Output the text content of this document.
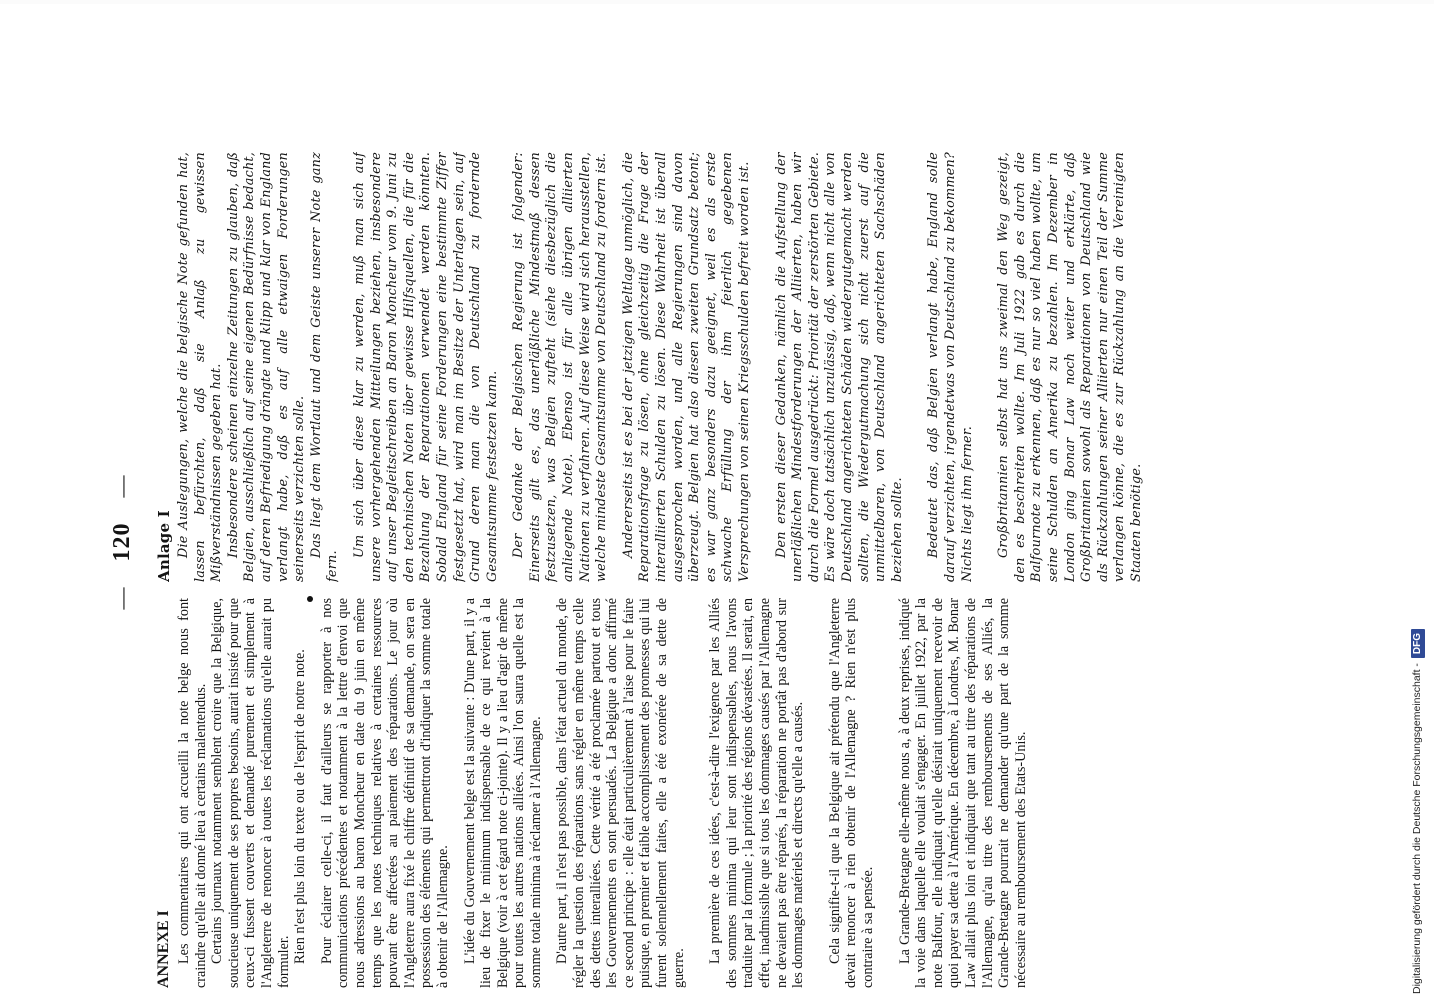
— 120 —
ANNEXE I Les commentaires qui ont accueilli la note belge nous font craindre qu'elle ait donné lieu à certains malentendus. Certains journaux notamment semblent croire que la Belgique, soucieuse uniquement de ses propres besoins, aurait insisté pour que ceux-ci fussent couverts et demandé purement et simplement à l'Angleterre de renoncer à toutes les réclamations qu'elle aurait pu formuler. Rien n'est plus loin du texte ou de l'esprit de notre note. Pour éclairer celle-ci, il faut d'ailleurs se rapporter à nos communications précédentes et notamment à la lettre d'envoi que nous adressions au baron Moncheur en date du 9 juin en même temps que les notes techniques relatives à certaines ressources pouvant être affectées au paiement des réparations. Le jour où l'Angleterre aura fixé le chiffre définitif de sa demande, on sera en possession des éléments qui permettront d'indiquer la somme totale à obtenir de l'Allemagne. L'idée du Gouvernement belge est la suivante : D'une part, il y a lieu de fixer le minimum indispensable de ce qui revient à la Belgique (voir à cet égard note ci-jointe). Il y a lieu d'agir de même pour toutes les autres nations alliées. Ainsi l'on saura quelle est la somme totale minima à réclamer à l'Allemagne. D'autre part, il n'est pas possible, dans l'état actuel du monde, de régler la question des réparations sans régler en même temps celle des dettes interalliées. Cette vérité a été proclamée partout et tous les Gouvernements en sont persuadés. La Belgique a donc affirmé ce second principe : elle était particulièrement à l'aise pour le faire puisque, en premier et faible accomplissement des promesses qui lui furent solennellement faites, elle a été exonérée de sa dette de guerre.

La première de ces idées, c'est-à-dire l'exigence par les Alliés des sommes minima qui leur sont indispensables, nous l'avons traduite par la formule ; la priorité des régions dévastées. Il serait, en effet, inadmissible que si tous les dommages causés par l'Allemagne ne devaient pas être réparés, la réparation ne portât pas d'abord sur les dommages matériels et directs qu'elle a causés. Cela signifie-t-il que la Belgique ait prétendu que l'Angleterre devait renoncer à rien obtenir de l'Allemagne ? Rien n'est plus contraire à sa pensée. La Grande-Bretagne elle-même nous a, à deux reprises, indiqué la voie dans laquelle elle voulait s'engager. En juillet 1922, par la note Balfour, elle indiquait qu'elle désirait uniquement recevoir de quoi payer sa dette à l'Amérique. En décembre, à Londres, M. Bonar Law allait plus loin et indiquait que tant au titre des réparations de l'Allemagne, qu'au titre des remboursements de ses Alliés, la Grande-Bretagne pourrait ne demander qu'une part de la somme nécessaire au remboursement des Etats-Unis.

Anlage I Die Auslegungen, welche die belgische Note gefunden hat, lassen befürchten, daß sie Anlaß zu gewissen Mißverständnissen gegeben hat. Insbesondere scheinen einzelne Zeitungen zu glauben, daß Belgien, ausschließlich auf seine eigenen Bedürfnisse bedacht, auf deren Befriedigung drängte und klipp und klar von England verlangt habe, daß es auf alle etwaigen Forderungen seinerseits verzichten solle. Das liegt dem Wortlaut und dem Geiste unserer Note ganz fern.

Um sich über diese klar zu werden, muß man sich auf unsere vorhergehenden Mitteilungen beziehen, insbesondere auf unser Begleitschreiben an Baron Moncheur vom 9. Juni zu den technischen Noten über gewisse Hilfsquellen, die für die Bezahlung der Reparationen verwendet werden könnten. Sobald England für seine Forderungen eine bestimmte Ziffer festgesetzt hat, wird man im Besitze der Unterlagen sein, auf Grund deren man die von Deutschland zu fordernde Gesamtsumme festsetzen kann. Der Gedanke der Belgischen Regierung ist folgender: Einerseits gilt es, das unerläßliche Mindestmaß dessen festzusetzen, was Belgien zufteht (siehe diesbezüglich die anliegende Note). Ebenso ist für alle übrigen alliierten Nationen zu verfahren. Auf diese Weise wird sich herausstellen, welche mindeste Gesamtsumme von Deutschland zu fordern ist. Andererseits ist es bei der jetzigen Weltlage unmöglich, die Reparationsfrage zu lösen, ohne gleichzeitig die Frage der interalliierten Schulden zu lösen. Diese Wahrheit ist überall ausgesprochen worden, und alle Regierungen sind davon überzeugt. Belgien hat also diesen zweiten Grundsatz betont; es war ganz besonders dazu geeignet, weil es als erste schwache Erfüllung der ihm feierlich gegebenen Versprechungen von seinen Kriegsschulden befreit worden ist. Den ersten dieser Gedanken, nämlich die Aufstellung der unerläßlichen Mindestforderungen der Alliierten, haben wir durch die Formel ausgedrückt: Priorität der zerstörten Gebiete. Es wäre doch tatsächlich unzulässig, daß, wenn nicht alle von Deutschland angerichteten Schäden wiedergutgemacht werden sollten, die Wiedergutmachung sich nicht zuerst auf die unmittelbaren, von Deutschland angerichteten Sachschäden beziehen sollte. Bedeutet das, daß Belgien verlangt habe, England solle darauf verzichten, irgendetwas von Deutschland zu bekommen? Nichts liegt ihm ferner. Großbritannien selbst hat uns zweimal den Weg gezeigt, den es beschreiten wollte. Im Juli 1922 gab es durch die Balfournote zu erkennen, daß es nur so viel haben wollte, um seine Schulden an Amerika zu bezahlen. Im Dezember in London ging Bonar Law noch weiter und erklärte, daß Großbritannien sowohl als Reparationen von Deutschland wie als Rückzahlungen seiner Alliierten nur einen Teil der Summe verlangen könne, die es zur Rückzahlung an die Vereinigten Staaten benötige.

Digitalisierung gefördert durch die Deutsche Forschungsgemeinschaft -DFG
